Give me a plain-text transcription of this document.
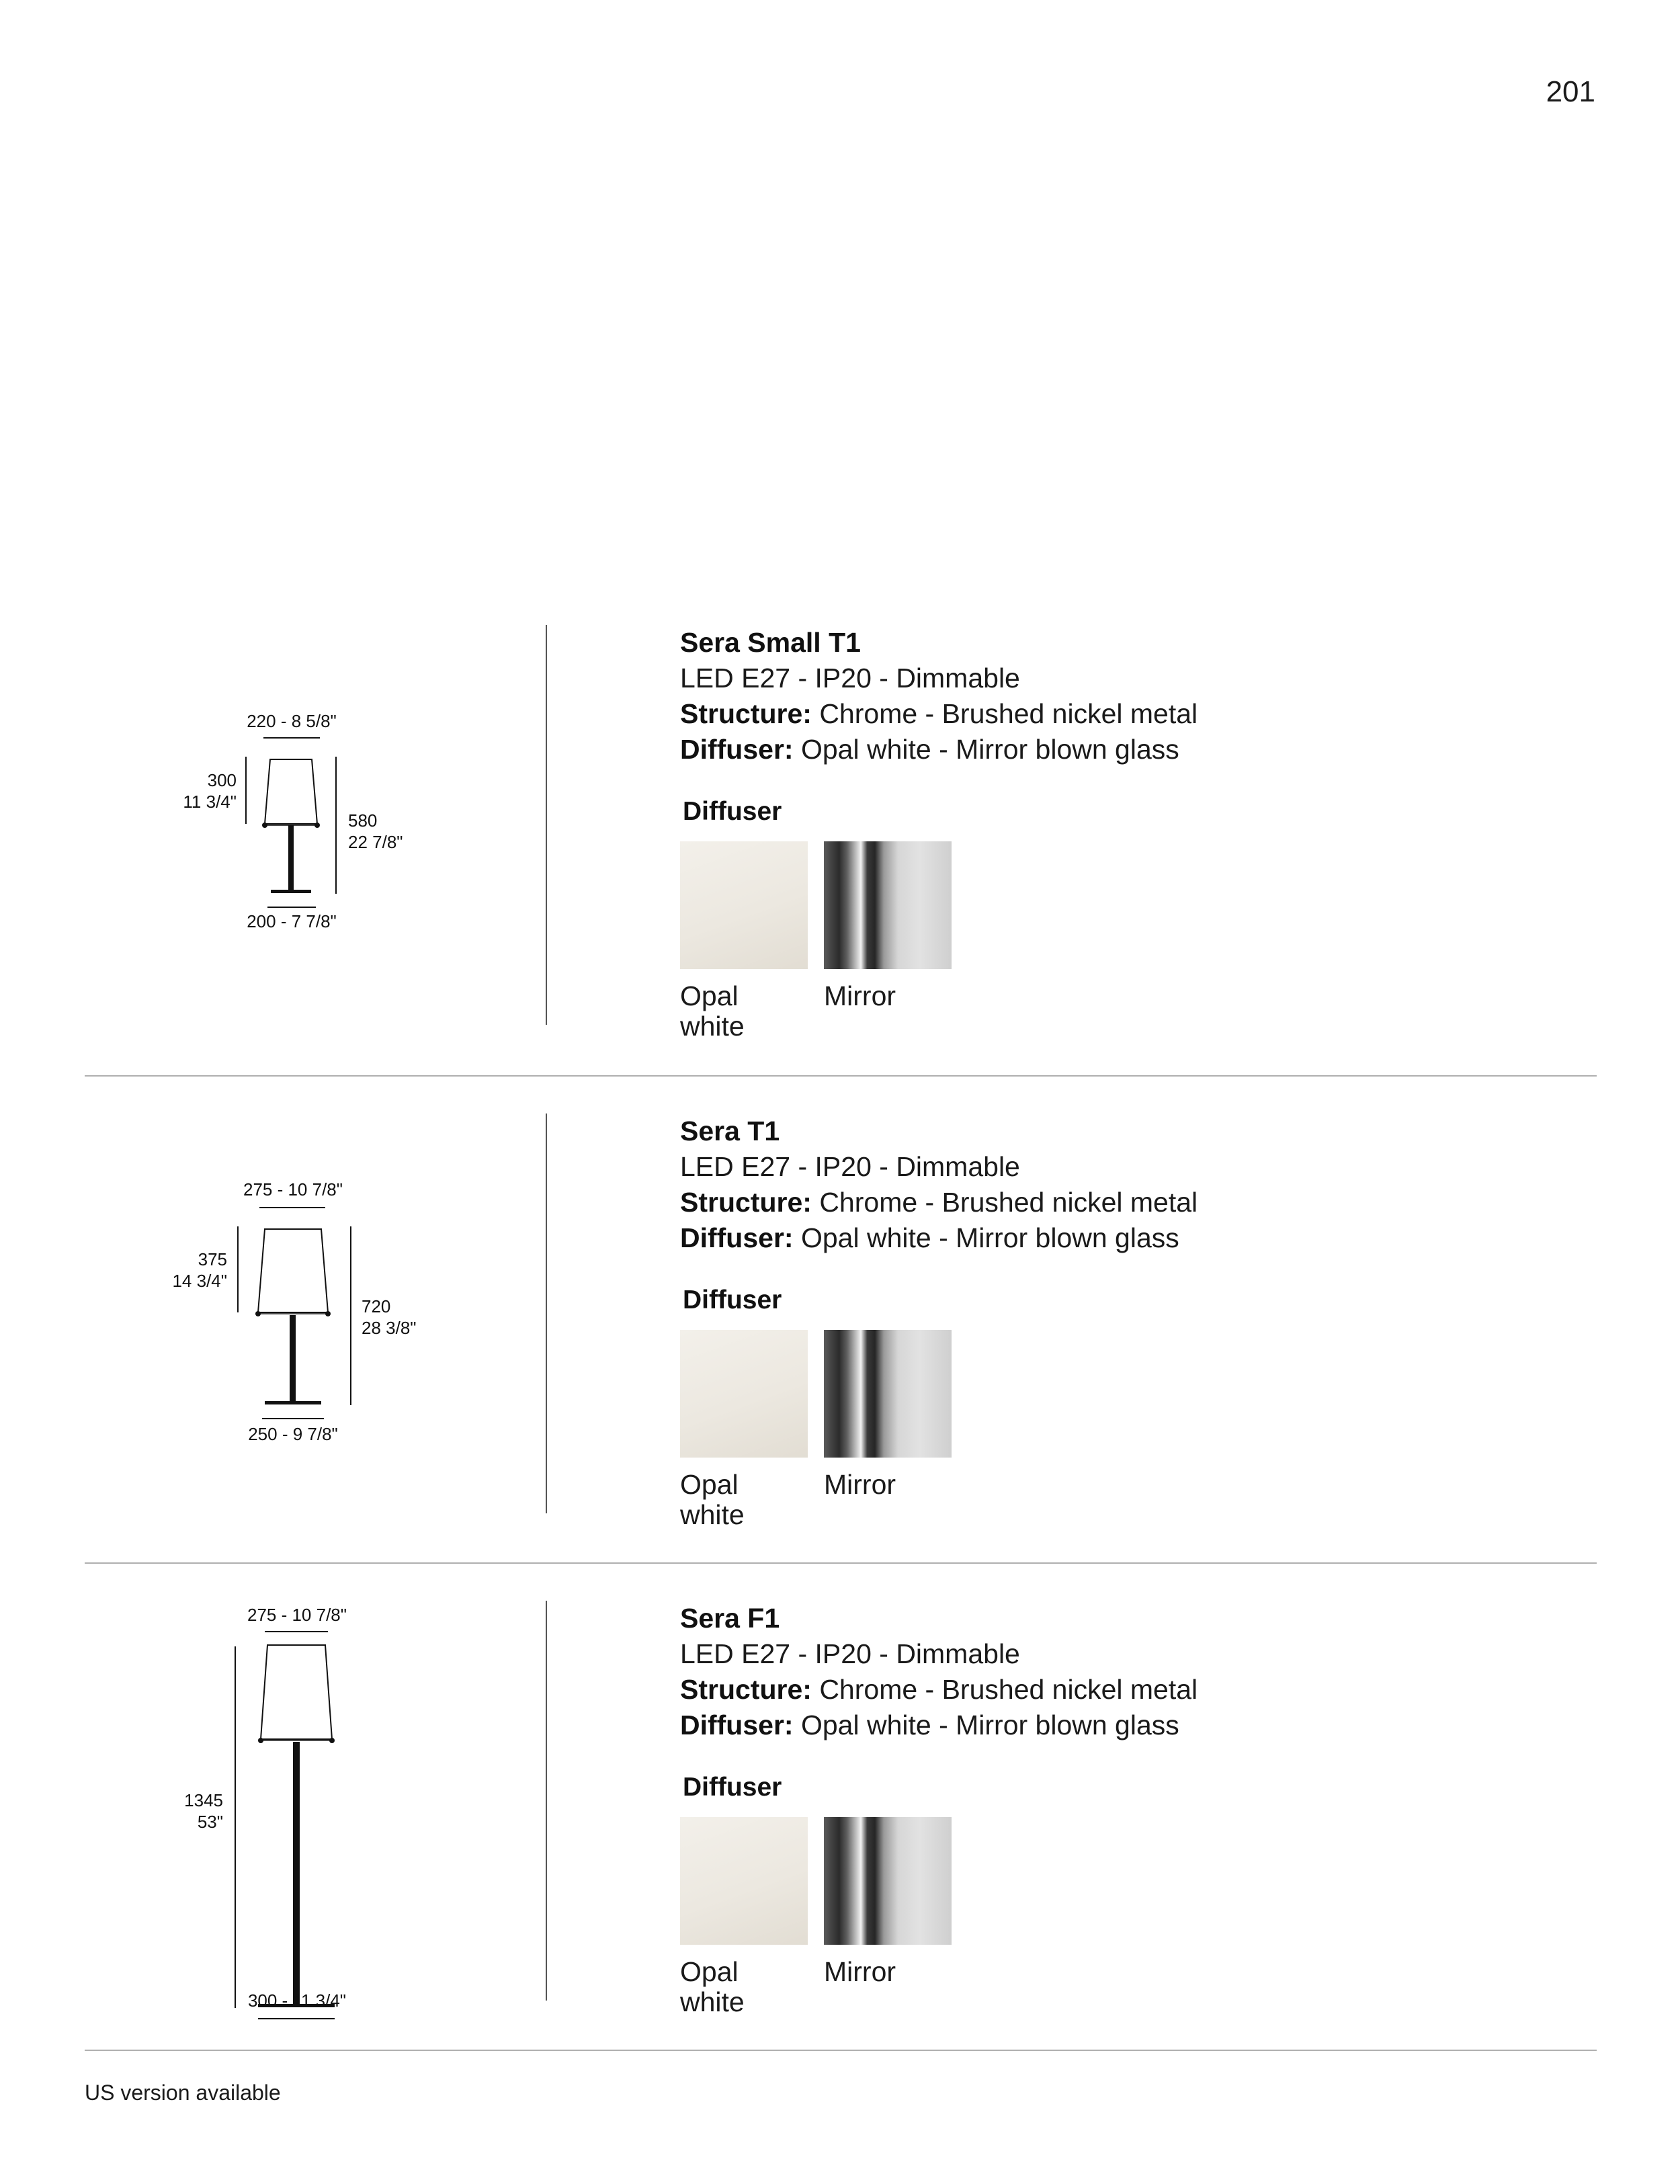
201
220 - 8 5/8"
300
11 3/4"
580
22 7/8"
200 - 7 7/8"

Sera Small T1

LED E27 - IP20 - Dimmable

Structure: Chrome - Brushed nickel metal

Diffuser: Opal white - Mirror blown glass

Diffuser
Opal white
Mirror
275 - 10 7/8"
375
14 3/4"
720
28 3/8"
250 - 9 7/8"

Sera T1

LED E27 - IP20 - Dimmable

Structure: Chrome - Brushed nickel metal

Diffuser: Opal white - Mirror blown glass

Diffuser
Opal white
Mirror
275 - 10 7/8"
1345
53"
300 - 11 3/4"

Sera F1

LED E27 - IP20 - Dimmable

Structure: Chrome - Brushed nickel metal

Diffuser: Opal white - Mirror blown glass

Diffuser
Opal white
Mirror
US version available
